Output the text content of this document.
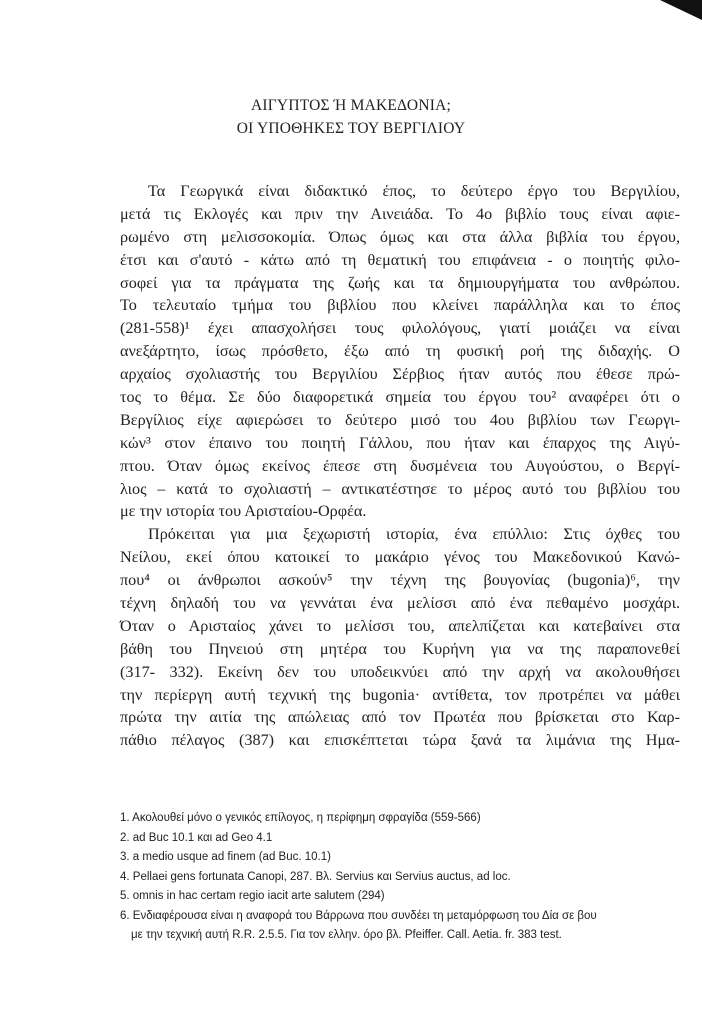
ΑΙΓΥΠΤΟΣ Ή ΜΑΚΕΔΟΝΙΑ;
ΟΙ ΥΠΟΘΗΚΕΣ ΤΟΥ ΒΕΡΓΙΛΙΟΥ
Τα Γεωργικά είναι διδακτικό έπος, το δεύτερο έργο του Βεργιλίου,
μετά τις Εκλογές και πριν την Αινειάδα. Το 4ο βιβλίο τους είναι αφιε-
ρωμένο στη μελισσοκομία. Όπως όμως και στα άλλα βιβλία του έργου,
έτσι και σ'αυτό - κάτω από τη θεματική του επιφάνεια - ο ποιητής φιλο-
σοφεί για τα πράγματα της ζωής και τα δημιουργήματα του ανθρώπου.
Το τελευταίο τμήμα του βιβλίου που κλείνει παράλληλα και το έπος
(281-558)¹ έχει απασχολήσει τους φιλολόγους, γιατί μοιάζει να είναι
ανεξάρτητο, ίσως πρόσθετο, έξω από τη φυσική ροή της διδαχής. Ο
αρχαίος σχολιαστής του Βεργιλίου Σέρβιος ήταν αυτός που έθεσε πρώ-
τος το θέμα. Σε δύο διαφορετικά σημεία του έργου του² αναφέρει ότι ο
Βεργίλιος είχε αφιερώσει το δεύτερο μισό του 4ου βιβλίου των Γεωργι-
κών³ στον έπαινο του ποιητή Γάλλου, που ήταν και έπαρχος της Αιγύ-
πτου. Όταν όμως εκείνος έπεσε στη δυσμένεια του Αυγούστου, ο Βεργί-
λιος – κατά το σχολιαστή – αντικατέστησε το μέρος αυτό του βιβλίου του
με την ιστορία του Αρισταίου-Ορφέα.
Πρόκειται για μια ξεχωριστή ιστορία, ένα επύλλιο: Στις όχθες του
Νείλου, εκεί όπου κατοικεί το μακάριο γένος του Μακεδονικού Κανώ-
που⁴ οι άνθρωποι ασκούν⁵ την τέχνη της βουγονίας (bugonia)⁶, την
τέχνη δηλαδή του να γεννάται ένα μελίσσι από ένα πεθαμένο μοσχάρι.
Όταν ο Αρισταίος χάνει το μελίσσι του, απελπίζεται και κατεβαίνει στα
βάθη του Πηνειού στη μητέρα του Κυρήνη για να της παραπονεθεί
(317- 332). Εκείνη δεν του υποδεικνύει από την αρχή να ακολουθήσει
την περίεργη αυτή τεχνική της bugonia· αντίθετα, τον προτρέπει να μάθει
πρώτα την αιτία της απώλειας από τον Πρωτέα που βρίσκεται στο Καρ-
πάθιο πέλαγος (387) και επισκέπτεται τώρα ξανά τα λιμάνια της Ημα-
1. Ακολουθεί μόνο ο γενικός επίλογος, η περίφημη σφραγίδα (559-566)
2. ad Buc 10.1 και ad Geo 4.1
3. a medio usque ad finem (ad Buc. 10.1)
4. Pellaei gens fortunata Canopi, 287. Βλ. Servius και Servius auctus, ad loc.
5. omnis in hac certam regio iacit arte salutem (294)
6. Ενδιαφέρουσα είναι η αναφορά του Βάρρωνα που συνδέει τη μεταμόρφωση του Δία σε βου
με την τεχνική αυτή R.R. 2.5.5. Για τον ελλην. όρο βλ. Pfeiffer. Call. Aetia. fr. 383 test.
